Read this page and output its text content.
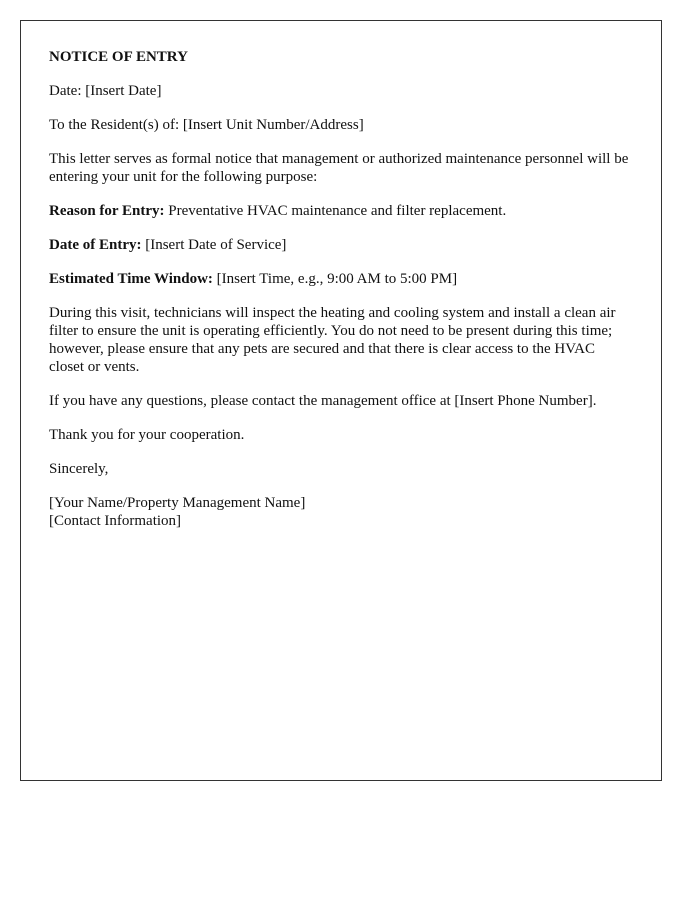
NOTICE OF ENTRY

Date: [Insert Date]

To the Resident(s) of: [Insert Unit Number/Address]

This letter serves as formal notice that management or authorized maintenance personnel will be entering your unit for the following purpose:

Reason for Entry: Preventative HVAC maintenance and filter replacement.

Date of Entry: [Insert Date of Service]

Estimated Time Window: [Insert Time, e.g., 9:00 AM to 5:00 PM]

During this visit, technicians will inspect the heating and cooling system and install a clean air filter to ensure the unit is operating efficiently. You do not need to be present during this time; however, please ensure that any pets are secured and that there is clear access to the HVAC closet or vents.

If you have any questions, please contact the management office at [Insert Phone Number].

Thank you for your cooperation.

Sincerely,

[Your Name/Property Management Name]
[Contact Information]
